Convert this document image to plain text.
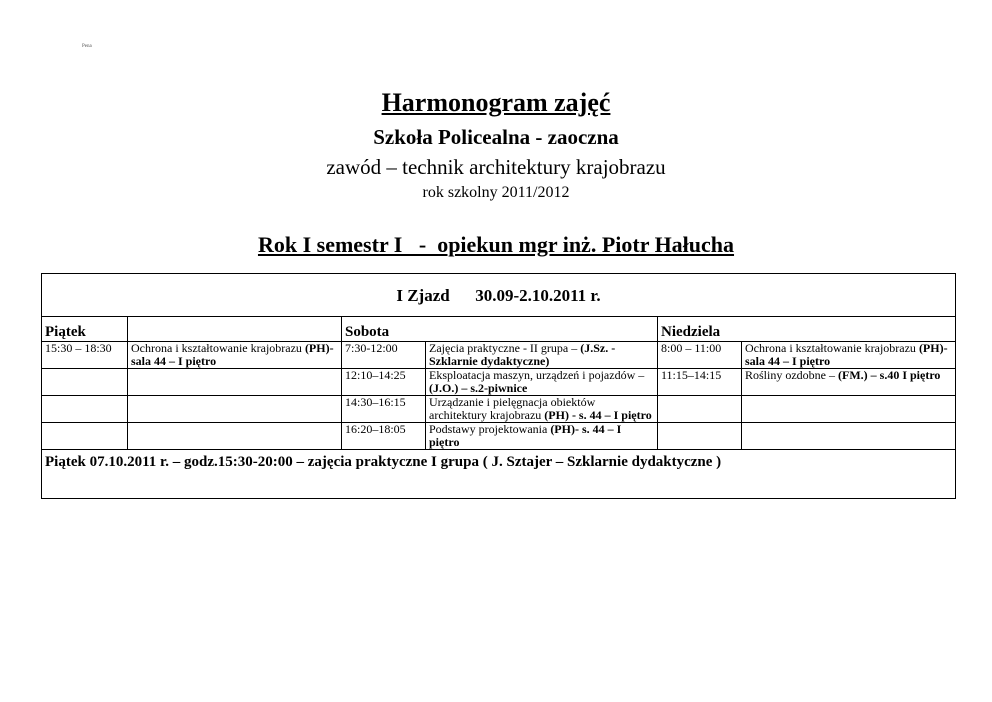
Pena
Harmonogram zajęć
Szkoła Policealna - zaoczna
zawód – technik architektury krajobrazu
rok szkolny 2011/2012
Rok I semestr I   -  opiekun mgr inż. Piotr Hałucha
I Zjazd      30.09-2.10.2011 r.					
Piątek		Sobota		Niedziela	
15:30 – 18:30	Ochrona i kształtowanie krajobrazu (PH)-sala 44 – I piętro	7:30-12:00	Zajęcia praktyczne - II grupa – (J.Sz. - Szklarnie dydaktyczne)	8:00 – 11:00	Ochrona i kształtowanie krajobrazu (PH)-sala 44 – I piętro
		12:10–14:25	Eksploatacja maszyn, urządzeń i pojazdów – (J.O.) – s.2-piwnice	11:15–14:15	Rośliny ozdobne – (FM.) – s.40 I piętro
		14:30–16:15	Urządzanie i pielęgnacja obiektów architektury krajobrazu (PH) - s. 44 – I piętro		
		16:20–18:05	Podstawy projektowania (PH)- s. 44 – I piętro		
Piątek 07.10.2011 r. – godz.15:30-20:00 – zajęcia praktyczne I grupa ( J. Sztajer – Szklarnie dydaktyczne )					
